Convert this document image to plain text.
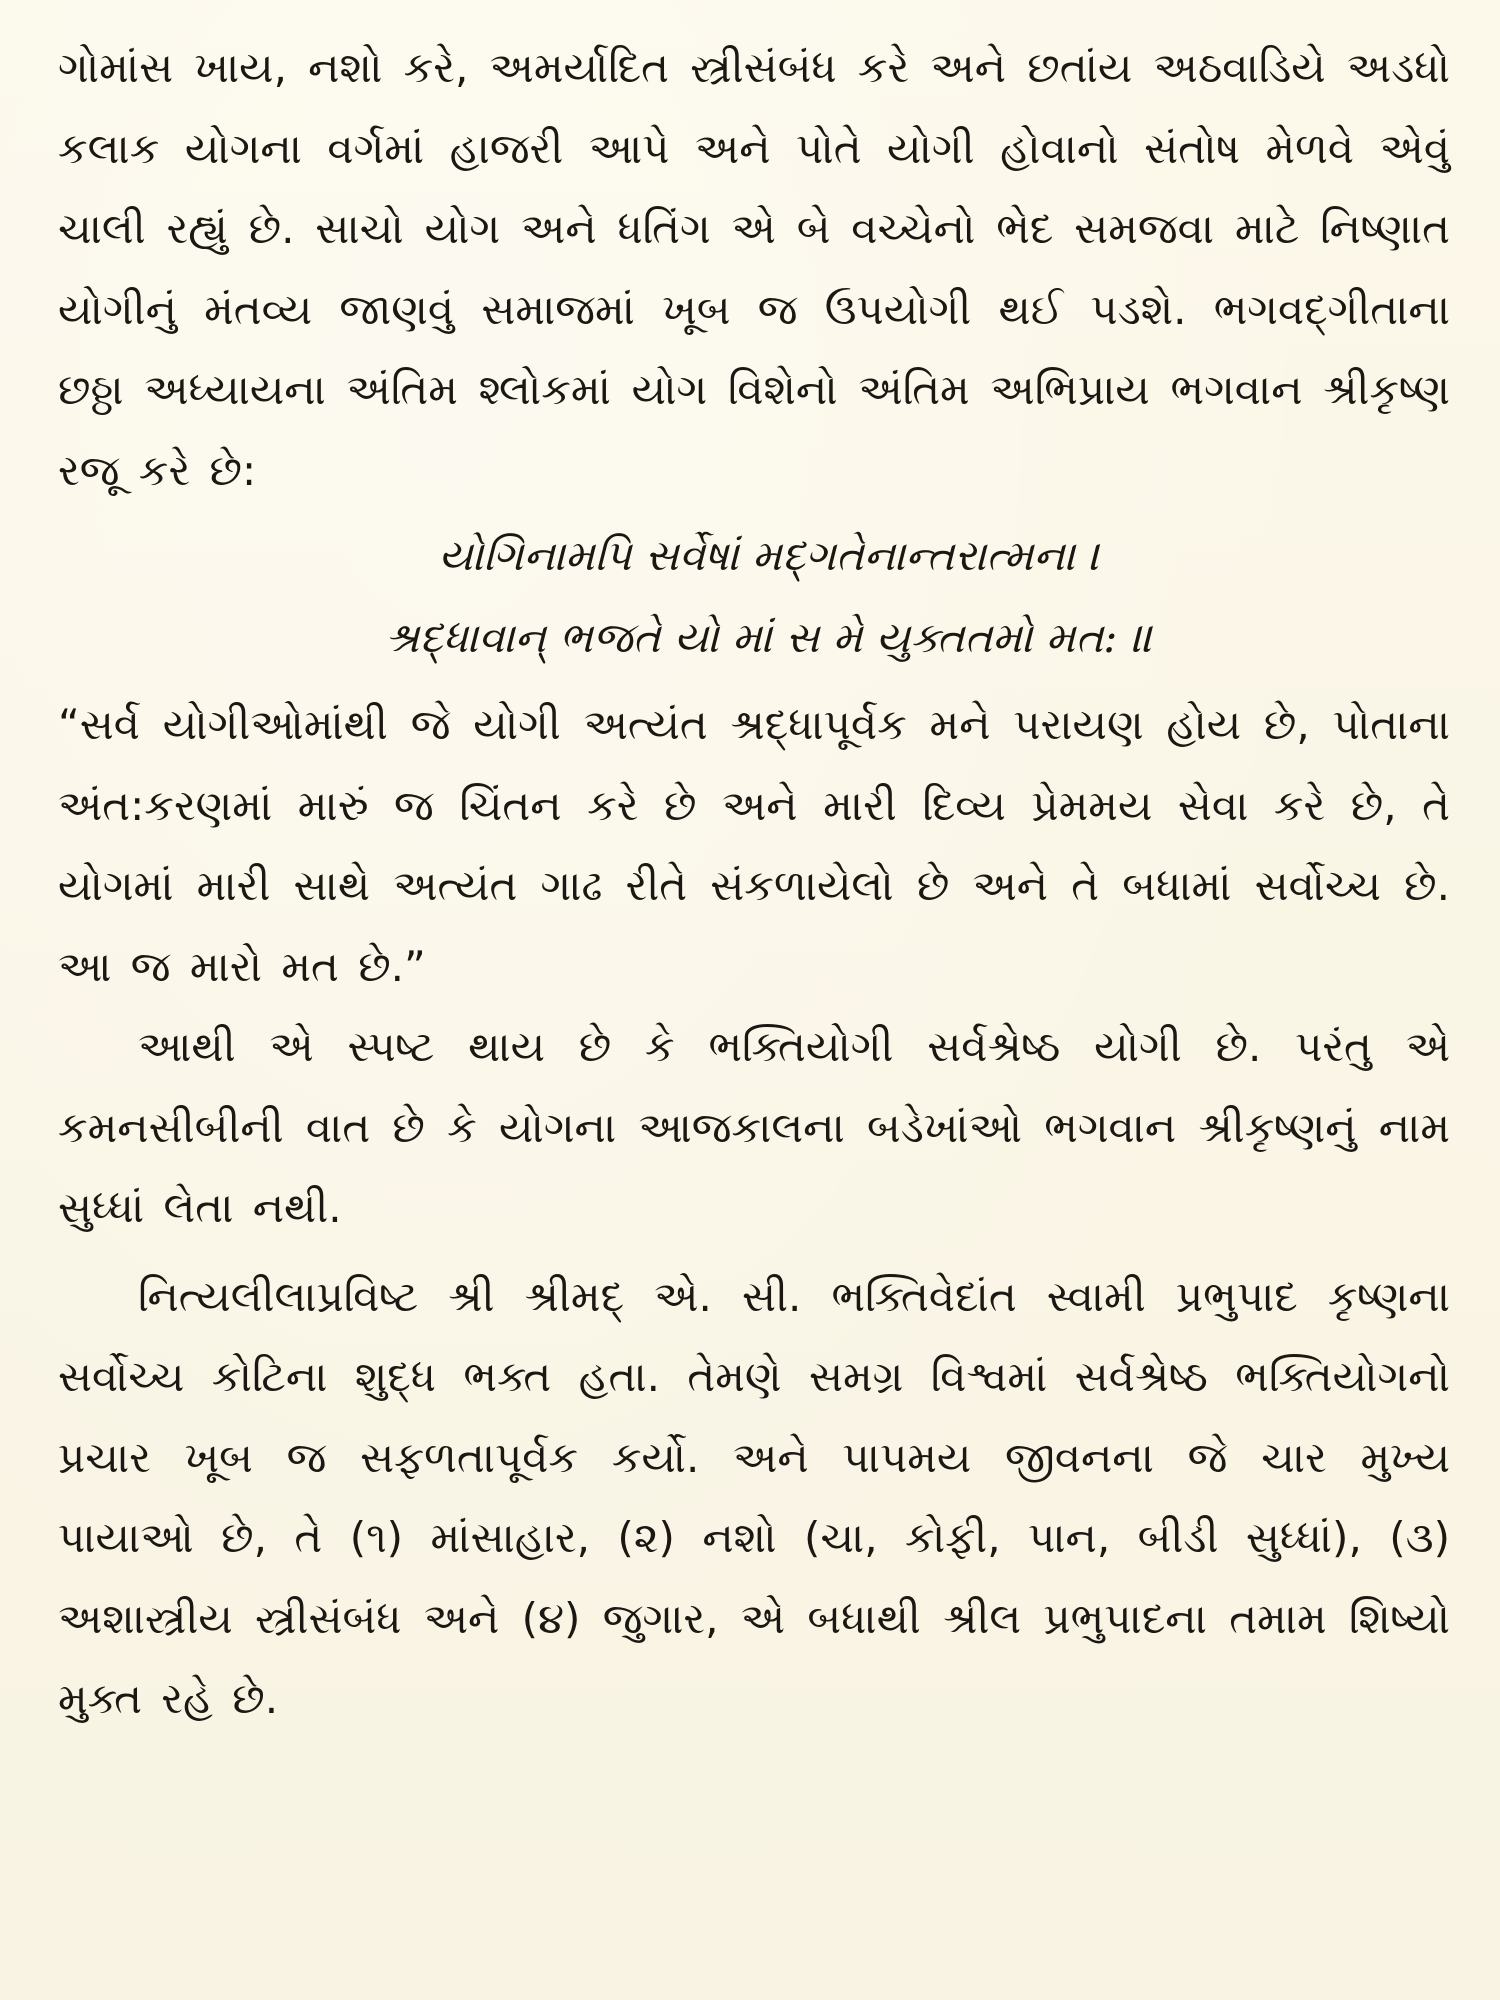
ગોમાંસ ખાય, નશો કરે, અમર્યાદિત સ્ત્રીસંબંધ કરે અને છતાંય અઠવાડિયે અડધો કલાક યોગના વર્ગમાં હાજરી આપે અને પોતે યોગી હોવાનો સંતોષ મેળવે એવું ચાલી રહ્યું છે. સાચો યોગ અને ધતિંગ એ બે વચ્ચેનો ભેદ સમજવા માટે નિષ્ણાત યોગીનું મંતવ્ય જાણવું સમાજમાં ખૂબ જ ઉપયોગી થઈ પડશે. ભગવદ્ગીતાના છઠ્ઠા અધ્યાયના અંતિમ શ્લોકમાં યોગ વિશેનો અંતિમ અભિપ્રાય ભગવાન શ્રીકૃષ્ણ રજૂ કરે છે:

યોગિનામપિ સર્વેષાં મદ્ગતેનાન્તરાત્મના ।

શ્રદ્ધાવાન્ ભજતે યો માં સ મે યુક્તતમો મત: ॥

“સર્વ યોગીઓમાંથી જે યોગી અત્યંત શ્રદ્ધાપૂર્વક મને પરાયણ હોય છે, પોતાના અંત:કરણમાં મારું જ ચિંતન કરે છે અને મારી દિવ્ય પ્રેમમય સેવા કરે છે, તે યોગમાં મારી સાથે અત્યંત ગાઢ રીતે સંકળાયેલો છે અને તે બધામાં સર્વોચ્ચ છે. આ જ મારો મત છે.”

આથી એ સ્પષ્ટ થાય છે કે ભક્તિયોગી સર્વશ્રેષ્ઠ યોગી છે. પરંતુ એ કમનસીબીની વાત છે કે યોગના આજકાલના બડેખાંઓ ભગવાન શ્રીકૃષ્ણનું નામ સુધ્ધાં લેતા નથી.

નિત્યલીલાપ્રવિષ્ટ શ્રી શ્રીમદ્ એ. સી. ભક્તિવેદાંત સ્વામી પ્રભુપાદ કૃષ્ણના સર્વોચ્ચ કોટિના શુદ્ધ ભક્ત હતા. તેમણે સમગ્ર વિશ્વમાં સર્વશ્રેષ્ઠ ભક્તિયોગનો પ્રચાર ખૂબ જ સફળતાપૂર્વક કર્યો. અને પાપમય જીવનના જે ચાર મુખ્ય પાયાઓ છે, તે (૧) માંસાહાર, (૨) નશો (ચા, કોફી, પાન, બીડી સુધ્ધાં), (૩) અશાસ્ત્રીય સ્ત્રીસંબંધ અને (૪) જુગાર, એ બધાથી શ્રીલ પ્રભુપાદના તમામ શિષ્યો મુક્ત રહે છે.
